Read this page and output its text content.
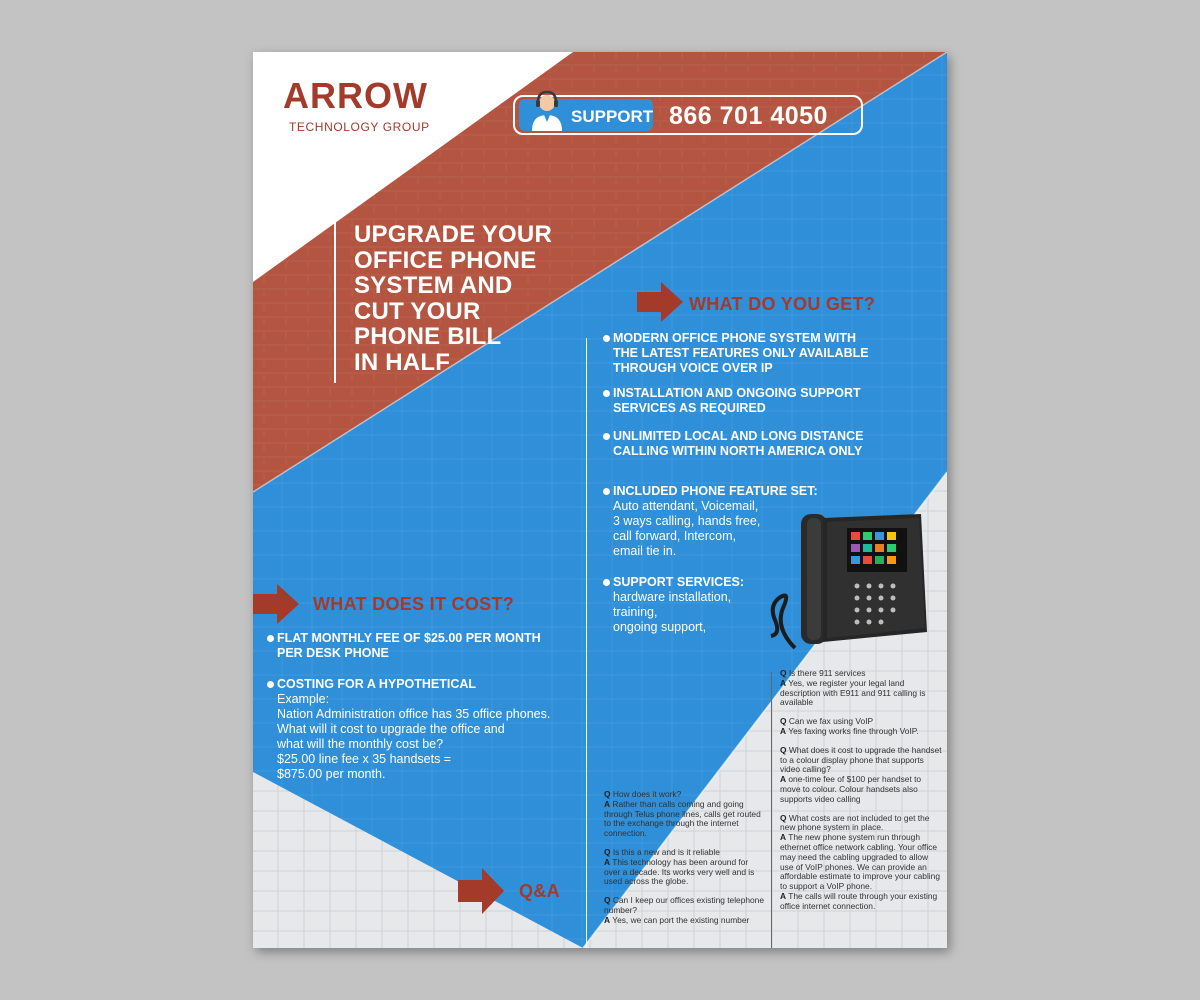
ARROW
TECHNOLOGY GROUP
SUPPORT 866 701 4050
UPGRADE YOUR
OFFICE PHONE
SYSTEM AND
CUT YOUR
PHONE BILL
IN HALF
WHAT DO YOU GET?
MODERN OFFICE PHONE SYSTEM WITH
THE LATEST FEATURES ONLY AVAILABLE
THROUGH VOICE OVER IP
INSTALLATION AND ONGOING SUPPORT
SERVICES AS REQUIRED
UNLIMITED LOCAL AND LONG DISTANCE
CALLING WITHIN NORTH AMERICA ONLY
INCLUDED PHONE FEATURE SET:
Auto attendant, Voicemail,
3 ways calling, hands free,
call forward, Intercom,
email tie in.
SUPPORT SERVICES:
hardware installation,
training,
ongoing support,
WHAT DOES IT COST?
FLAT MONTHLY FEE OF $25.00 PER MONTH
PER DESK PHONE
COSTING FOR A HYPOTHETICAL
Example:
Nation Administration office has 35 office phones.
What will it cost to upgrade the office and
what will the monthly cost be?
$25.00 line fee x 35 handsets =
$875.00 per month.
Q&A
Q How does it work?
A Rather than calls coming and going through Telus phone lines, calls get routed to the exchange through the internet connection.
Q Is this a new and is it reliable
A This technology has been around for over a decade. Its works very well and is used across the globe.
Q Can I keep our offices existing telephone number?
A Yes, we can port the existing number
Q Is there 911 services
A Yes, we register your legal land description with E911 and 911 calling is available
Q Can we fax using VoIP
A Yes faxing works fine through VoIP.
Q What does it cost to upgrade the handset to a colour display phone that supports video calling?
A one-time fee of $100 per handset to move to colour. Colour handsets also supports video calling
Q What costs are not included to get the new phone system in place.
A The new phone system run through ethernet office network cabling. Your office may need the cabling upgraded to allow use of VoIP phones. We can provide an affordable estimate to improve your cabling to support a VoIP phone.
A The calls will route through your existing office internet connection.
